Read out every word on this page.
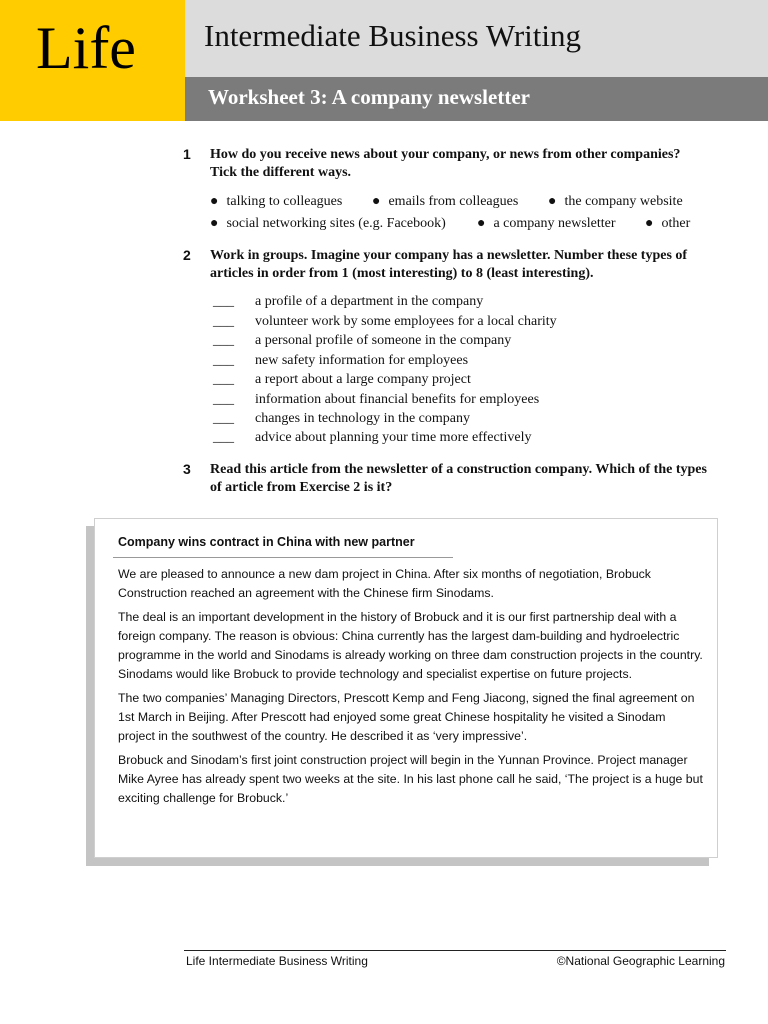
Life Intermediate Business Writing
Worksheet 3: A company newsletter
1 How do you receive news about your company, or news from other companies? Tick the different ways.
● talking to colleagues ● emails from colleagues ● the company website
● social networking sites (e.g. Facebook) ● a company newsletter ● other
2 Work in groups. Imagine your company has a newsletter. Number these types of articles in order from 1 (most interesting) to 8 (least interesting).
___ a profile of a department in the company
___ volunteer work by some employees for a local charity
___ a personal profile of someone in the company
___ new safety information for employees
___ a report about a large company project
___ information about financial benefits for employees
___ changes in technology in the company
___ advice about planning your time more effectively
3 Read this article from the newsletter of a construction company. Which of the types of article from Exercise 2 is it?
Company wins contract in China with new partner

We are pleased to announce a new dam project in China. After six months of negotiation, Brobuck Construction reached an agreement with the Chinese firm Sinodams.

The deal is an important development in the history of Brobuck and it is our first partnership deal with a foreign company. The reason is obvious: China currently has the largest dam-building and hydroelectric programme in the world and Sinodams is already working on three dam construction projects in the country. Sinodams would like Brobuck to provide technology and specialist expertise on future projects.

The two companies’ Managing Directors, Prescott Kemp and Feng Jiacong, signed the final agreement on 1st March in Beijing. After Prescott had enjoyed some great Chinese hospitality he visited a Sinodam project in the southwest of the country. He described it as ‘very impressive’.

Brobuck and Sinodam’s first joint construction project will begin in the Yunnan Province. Project manager Mike Ayree has already spent two weeks at the site. In his last phone call he said, ‘The project is a huge but exciting challenge for Brobuck.’

Life Intermediate Business Writing	©National Geographic Learning
